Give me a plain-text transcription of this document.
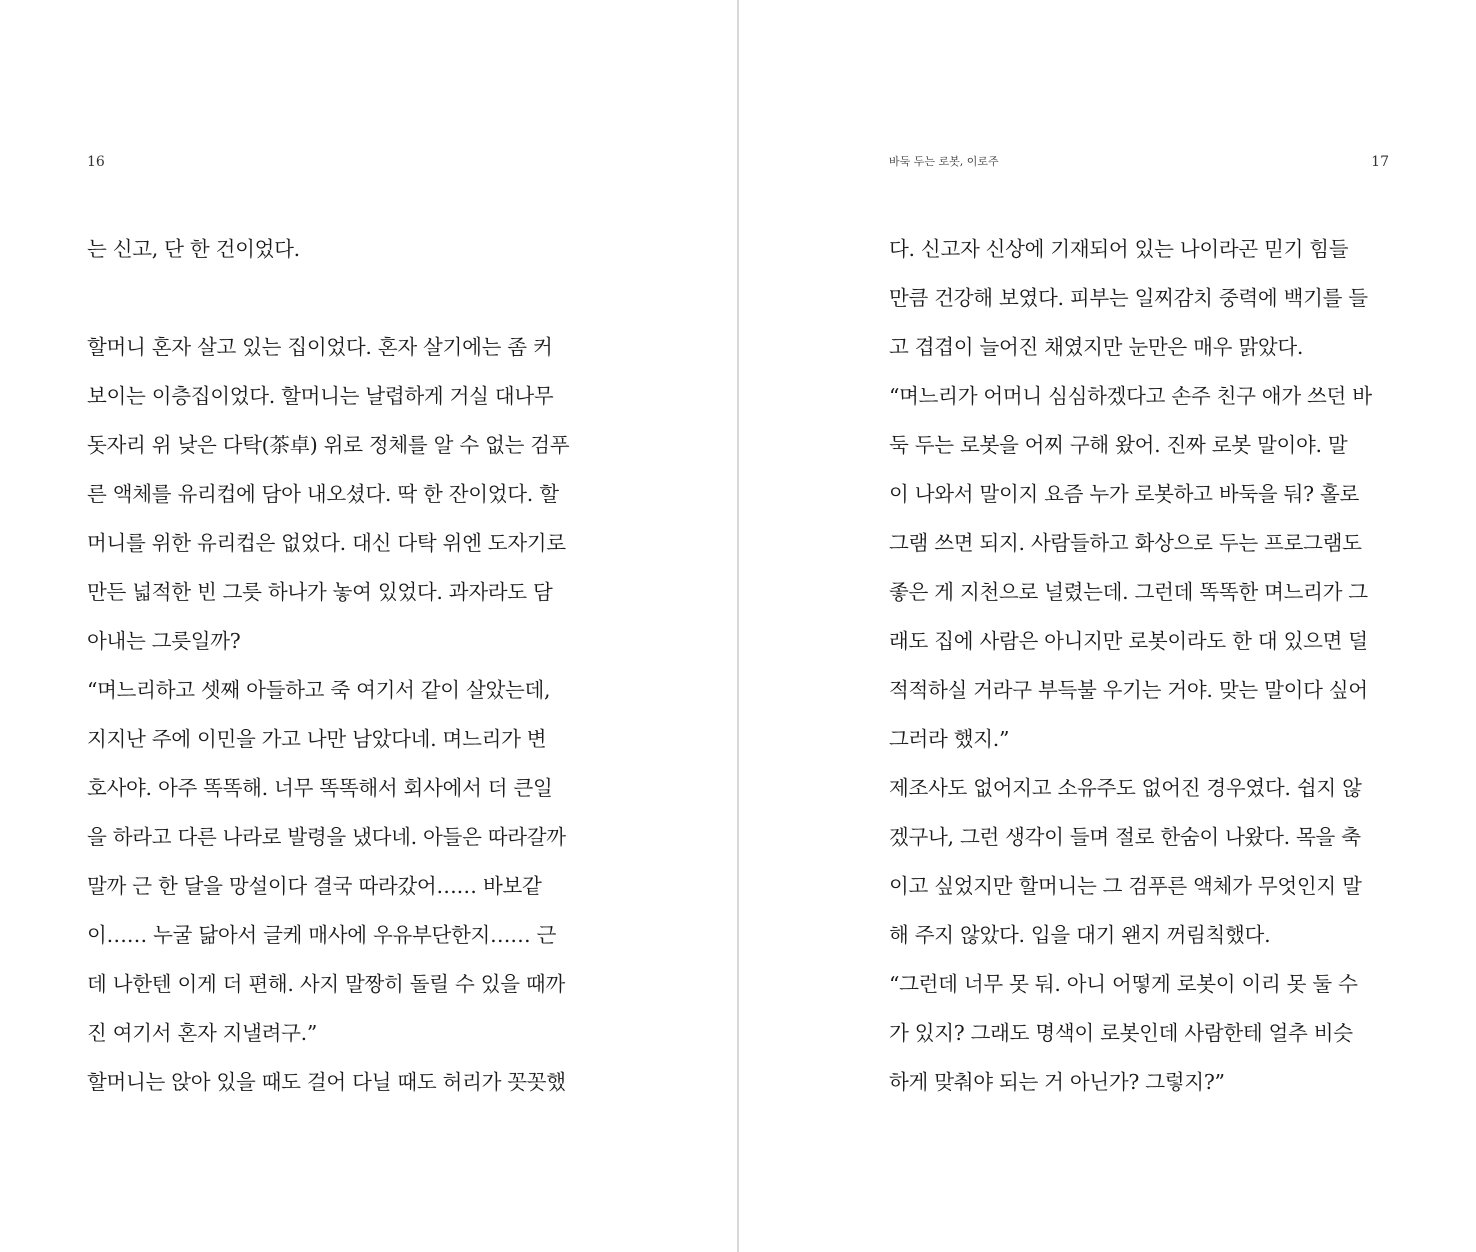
16
는 신고, 단 한 건이었다.
할머니 혼자 살고 있는 집이었다. 혼자 살기에는 좀 커
보이는 이층집이었다. 할머니는 날렵하게 거실 대나무
돗자리 위 낮은 다탁(茶卓) 위로 정체를 알 수 없는 검푸
른 액체를 유리컵에 담아 내오셨다. 딱 한 잔이었다. 할
머니를 위한 유리컵은 없었다. 대신 다탁 위엔 도자기로
만든 넓적한 빈 그릇 하나가 놓여 있었다. 과자라도 담
아내는 그릇일까?
“며느리하고 셋째 아들하고 죽 여기서 같이 살았는데,
지지난 주에 이민을 가고 나만 남았다네. 며느리가 변
호사야. 아주 똑똑해. 너무 똑똑해서 회사에서 더 큰일
을 하라고 다른 나라로 발령을 냈다네. 아들은 따라갈까
말까 근 한 달을 망설이다 결국 따라갔어…… 바보같
이…… 누굴 닮아서 글케 매사에 우유부단한지…… 근
데 나한텐 이게 더 편해. 사지 말짱히 돌릴 수 있을 때까
진 여기서 혼자 지낼려구.”
할머니는 앉아 있을 때도 걸어 다닐 때도 허리가 꼿꼿했
바둑 두는 로봇, 이로주	17
다. 신고자 신상에 기재되어 있는 나이라곤 믿기 힘들
만큼 건강해 보였다. 피부는 일찌감치 중력에 백기를 들
고 겹겹이 늘어진 채였지만 눈만은 매우 맑았다.
“며느리가 어머니 심심하겠다고 손주 친구 애가 쓰던 바
둑 두는 로봇을 어찌 구해 왔어. 진짜 로봇 말이야. 말
이 나와서 말이지 요즘 누가 로봇하고 바둑을 둬? 홀로
그램 쓰면 되지. 사람들하고 화상으로 두는 프로그램도
좋은 게 지천으로 널렸는데. 그런데 똑똑한 며느리가 그
래도 집에 사람은 아니지만 로봇이라도 한 대 있으면 덜
적적하실 거라구 부득불 우기는 거야. 맞는 말이다 싶어
그러라 했지.”
제조사도 없어지고 소유주도 없어진 경우였다. 쉽지 않
겠구나, 그런 생각이 들며 절로 한숨이 나왔다. 목을 축
이고 싶었지만 할머니는 그 검푸른 액체가 무엇인지 말
해 주지 않았다. 입을 대기 왠지 꺼림칙했다.
“그런데 너무 못 둬. 아니 어떻게 로봇이 이리 못 둘 수
가 있지? 그래도 명색이 로봇인데 사람한테 얼추 비슷
하게 맞춰야 되는 거 아닌가? 그렇지?”
